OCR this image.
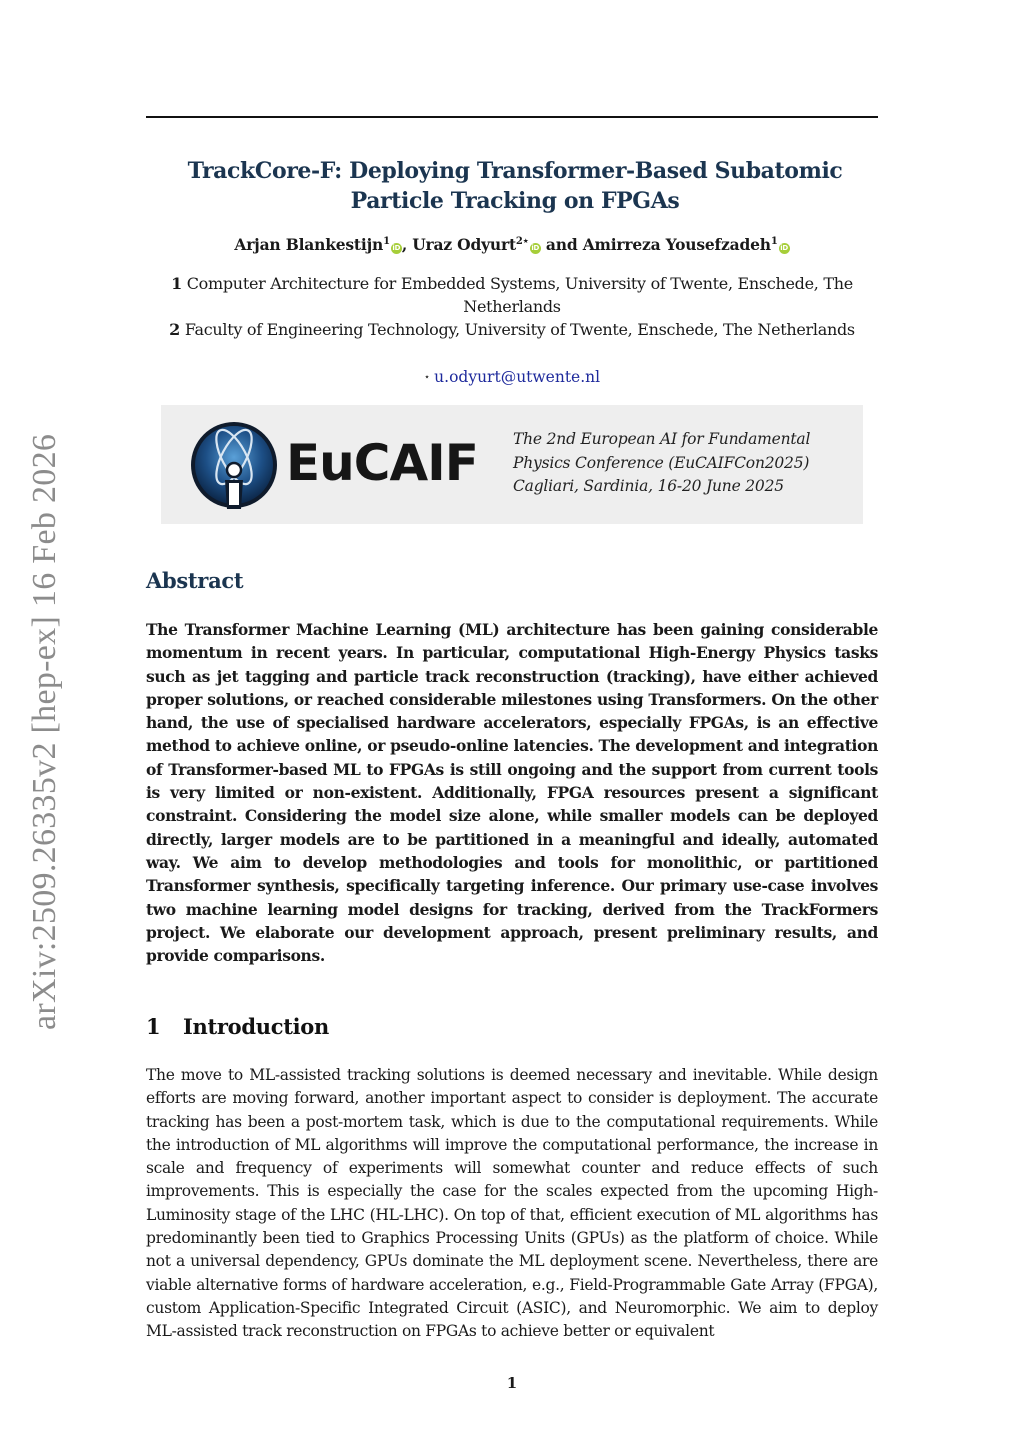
arXiv:2509.26335v2 [hep-ex] 16 Feb 2026
TrackCore-F: Deploying Transformer-Based Subatomic Particle Tracking on FPGAs
Arjan Blankestijn$^1$iD , Uraz Odyurt$^{2⋆}$iD and Amirreza Yousefzadeh$^1$iD
1 Computer Architecture for Embedded Systems, University of Twente, Enschede, The Netherlands
2 Faculty of Engineering Technology, University of Twente, Enschede, The Netherlands
⋆ u.odyurt@utwente.nl
EuCAIF The 2nd European AI for Fundamental
Physics Conference (EuCAIFCon2025)
Cagliari, Sardinia, 16-20 June 2025
Abstract
The Transformer Machine Learning (ML) architecture has been gaining considerable momentum in recent years. In particular, computational High-Energy Physics tasks such as jet tagging and particle track reconstruction (tracking), have either achieved proper solutions, or reached considerable milestones using Transformers. On the other hand, the use of specialised hardware accelerators, especially FPGAs, is an effective method to achieve online, or pseudo-online latencies. The development and integration of Transformer-based ML to FPGAs is still ongoing and the support from current tools is very limited or non-existent. Additionally, FPGA resources present a significant constraint. Considering the model size alone, while smaller models can be deployed directly, larger models are to be partitioned in a meaningful and ideally, automated way. We aim to develop methodologies and tools for monolithic, or partitioned Transformer synthesis, specifically targeting inference. Our primary use-case involves two machine learning model designs for tracking, derived from the TrackFormers project. We elaborate our development approach, present preliminary results, and provide comparisons.
1 Introduction
The move to ML-assisted tracking solutions is deemed necessary and inevitable. While design efforts are moving forward, another important aspect to consider is deployment. The accurate tracking has been a post-mortem task, which is due to the computational requirements. While the introduction of ML algorithms will improve the computational performance, the increase in scale and frequency of experiments will somewhat counter and reduce effects of such improvements. This is especially the case for the scales expected from the upcoming High-Luminosity stage of the LHC (HL-LHC). On top of that, efficient execution of ML algorithms has predominantly been tied to Graphics Processing Units (GPUs) as the platform of choice. While not a universal dependency, GPUs dominate the ML deployment scene. Nevertheless, there are viable alternative forms of hardware acceleration, e.g., Field-Programmable Gate Array (FPGA), custom Application-Specific Integrated Circuit (ASIC), and Neuromorphic. We aim to deploy ML-assisted track reconstruction on FPGAs to achieve better or equivalent
1
